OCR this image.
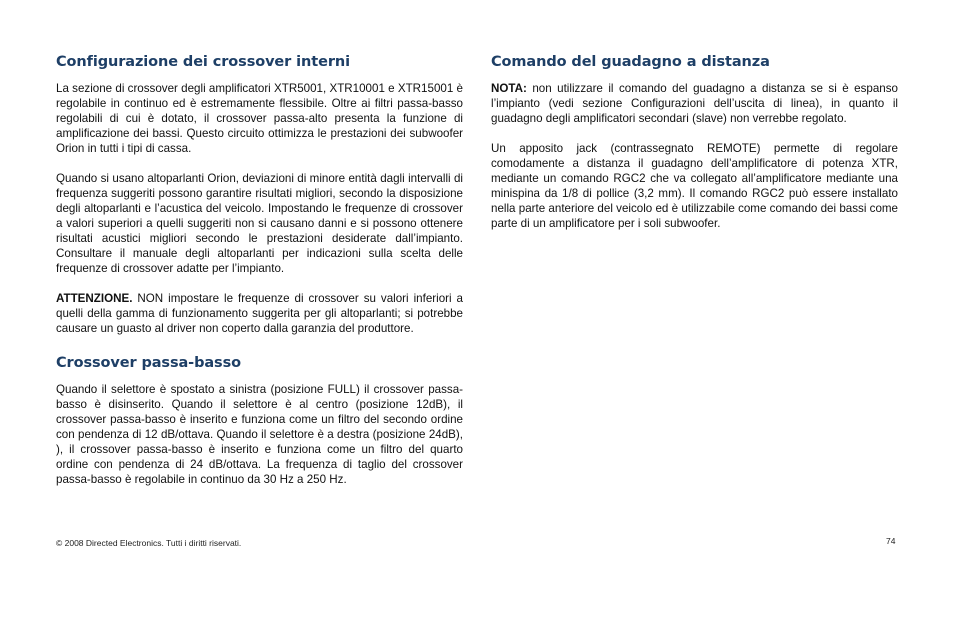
Configurazione dei crossover interni

La sezione di crossover degli amplificatori XTR5001, XTR10001 e XTR15001 è regolabile in continuo ed è estremamente flessibile. Oltre ai filtri passa-basso regolabili di cui è dotato, il crossover passa-alto presenta la funzione di amplificazione dei bassi. Questo circuito ottimizza le prestazioni dei subwoofer Orion in tutti i tipi di cassa.

Quando si usano altoparlanti Orion, deviazioni di minore entità dagli intervalli di frequenza suggeriti possono garantire risultati migliori, secondo la disposizione degli altoparlanti e l’acustica del veicolo. Impostando le frequenze di crossover a valori superiori a quelli suggeriti non si causano danni e si possono ottenere risultati acustici migliori secondo le prestazioni desiderate dall’impianto. Consultare il manuale degli altoparlanti per indicazioni sulla scelta delle frequenze di crossover adatte per l’impianto.

ATTENZIONE. NON impostare le frequenze di crossover su valori inferiori a quelli della gamma di funzionamento suggerita per gli altoparlanti; si potrebbe causare un guasto al driver non coperto dalla garanzia del produttore.

Crossover passa-basso

Quando il selettore è spostato a sinistra (posizione FULL) il crossover passa-basso è disinserito. Quando il selettore è al centro (posizione 12dB), il crossover passa-basso è inserito e funziona come un filtro del secondo ordine con pendenza di 12 dB/ottava. Quando il selettore è a destra (posizione 24dB), ), il crossover passa-basso è inserito e funziona come un filtro del quarto ordine con pendenza di 24 dB/ottava. La frequenza di taglio del crossover passa-basso è regolabile in continuo da 30 Hz a 250 Hz.

Comando del guadagno a distanza

NOTA: non utilizzare il comando del guadagno a distanza se si è espanso l’impianto (vedi sezione Configurazioni dell’uscita di linea), in quanto il guadagno degli amplificatori secondari (slave) non verrebbe regolato.

Un apposito jack (contrassegnato REMOTE) permette di regolare comodamente a distanza il guadagno dell’amplificatore di potenza XTR, mediante un comando RGC2 che va collegato all’amplificatore mediante una minispina da 1/8 di pollice (3,2 mm). Il comando RGC2 può essere installato nella parte anteriore del veicolo ed è utilizzabile come comando dei bassi come parte di un amplificatore per i soli subwoofer.

© 2008 Directed Electronics. Tutti i diritti riservati.	74
